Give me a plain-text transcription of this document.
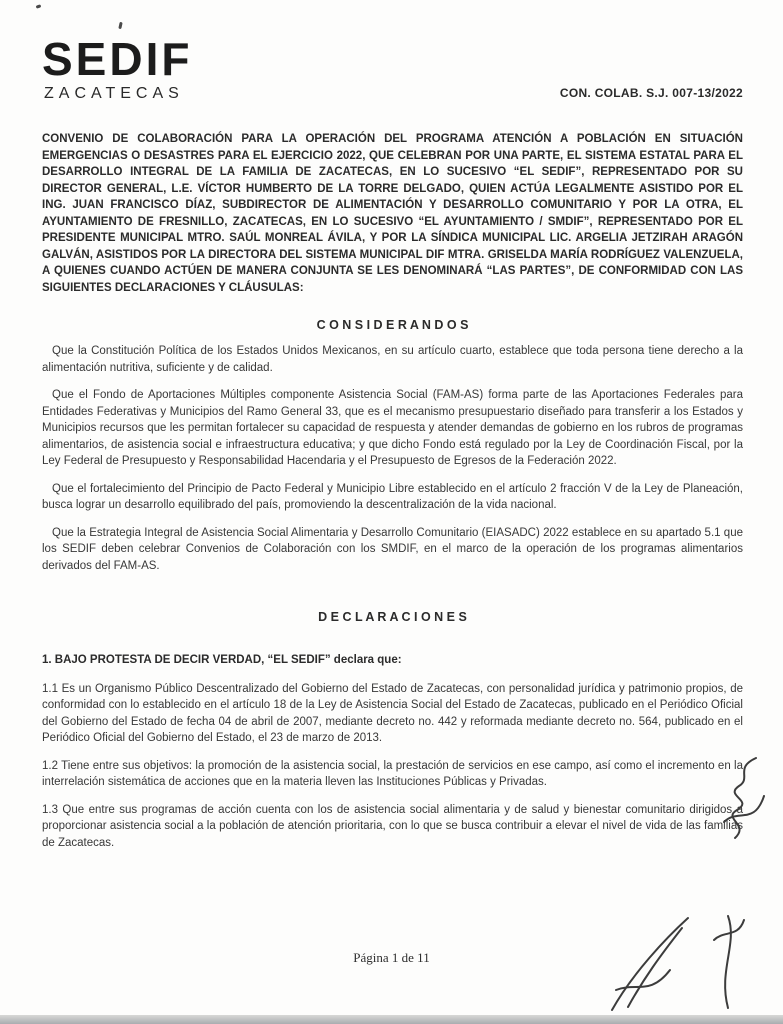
SEDIF
ZACATECAS	CON. COLAB. S.J. 007-13/2022

CONVENIO DE COLABORACIÓN PARA LA OPERACIÓN DEL PROGRAMA ATENCIÓN A POBLACIÓN EN SITUACIÓN EMERGENCIAS O DESASTRES PARA EL EJERCICIO 2022, QUE CELEBRAN POR UNA PARTE, EL SISTEMA ESTATAL PARA EL DESARROLLO INTEGRAL DE LA FAMILIA DE ZACATECAS, EN LO SUCESIVO “EL SEDIF”, REPRESENTADO POR SU DIRECTOR GENERAL, L.E. VÍCTOR HUMBERTO DE LA TORRE DELGADO, QUIEN ACTÚA LEGALMENTE ASISTIDO POR EL ING. JUAN FRANCISCO DÍAZ, SUBDIRECTOR DE ALIMENTACIÓN Y DESARROLLO COMUNITARIO Y POR LA OTRA, EL AYUNTAMIENTO DE FRESNILLO, ZACATECAS, EN LO SUCESIVO “EL AYUNTAMIENTO / SMDIF”, REPRESENTADO POR EL PRESIDENTE MUNICIPAL MTRO. SAÚL MONREAL ÁVILA, Y POR LA SÍNDICA MUNICIPAL LIC. ARGELIA JETZIRAH ARAGÓN GALVÁN, ASISTIDOS POR LA DIRECTORA DEL SISTEMA MUNICIPAL DIF MTRA. GRISELDA MARÍA RODRÍGUEZ VALENZUELA, A QUIENES CUANDO ACTÚEN DE MANERA CONJUNTA SE LES DENOMINARÁ “LAS PARTES”, DE CONFORMIDAD CON LAS SIGUIENTES DECLARACIONES Y CLÁUSULAS:

C O N S I D E R A N D O S

Que la Constitución Política de los Estados Unidos Mexicanos, en su artículo cuarto, establece que toda persona tiene derecho a la alimentación nutritiva, suficiente y de calidad.

Que el Fondo de Aportaciones Múltiples componente Asistencia Social (FAM-AS) forma parte de las Aportaciones Federales para Entidades Federativas y Municipios del Ramo General 33, que es el mecanismo presupuestario diseñado para transferir a los Estados y Municipios recursos que les permitan fortalecer su capacidad de respuesta y atender demandas de gobierno en los rubros de programas alimentarios, de asistencia social e infraestructura educativa; y que dicho Fondo está regulado por la Ley de Coordinación Fiscal, por la Ley Federal de Presupuesto y Responsabilidad Hacendaria y el Presupuesto de Egresos de la Federación 2022.

Que el fortalecimiento del Principio de Pacto Federal y Municipio Libre establecido en el artículo 2 fracción V de la Ley de Planeación, busca lograr un desarrollo equilibrado del país, promoviendo la descentralización de la vida nacional.

Que la Estrategia Integral de Asistencia Social Alimentaria y Desarrollo Comunitario (EIASADC) 2022 establece en su apartado 5.1 que los SEDIF deben celebrar Convenios de Colaboración con los SMDIF, en el marco de la operación de los programas alimentarios derivados del FAM-AS.

D E C L A R A C I O N E S

1. BAJO PROTESTA DE DECIR VERDAD, “EL SEDIF” declara que:

1.1 Es un Organismo Público Descentralizado del Gobierno del Estado de Zacatecas, con personalidad jurídica y patrimonio propios, de conformidad con lo establecido en el artículo 18 de la Ley de Asistencia Social del Estado de Zacatecas, publicado en el Periódico Oficial del Gobierno del Estado de fecha 04 de abril de 2007, mediante decreto no. 442 y reformada mediante decreto no. 564, publicado en el Periódico Oficial del Gobierno del Estado, el 23 de marzo de 2013.

1.2 Tiene entre sus objetivos: la promoción de la asistencia social, la prestación de servicios en ese campo, así como el incremento en la interrelación sistemática de acciones que en la materia lleven las Instituciones Públicas y Privadas.

1.3 Que entre sus programas de acción cuenta con los de asistencia social alimentaria y de salud y bienestar comunitario dirigidos a proporcionar asistencia social a la población de atención prioritaria, con lo que se busca contribuir a elevar el nivel de vida de las familias de Zacatecas.

Página 1 de 11
